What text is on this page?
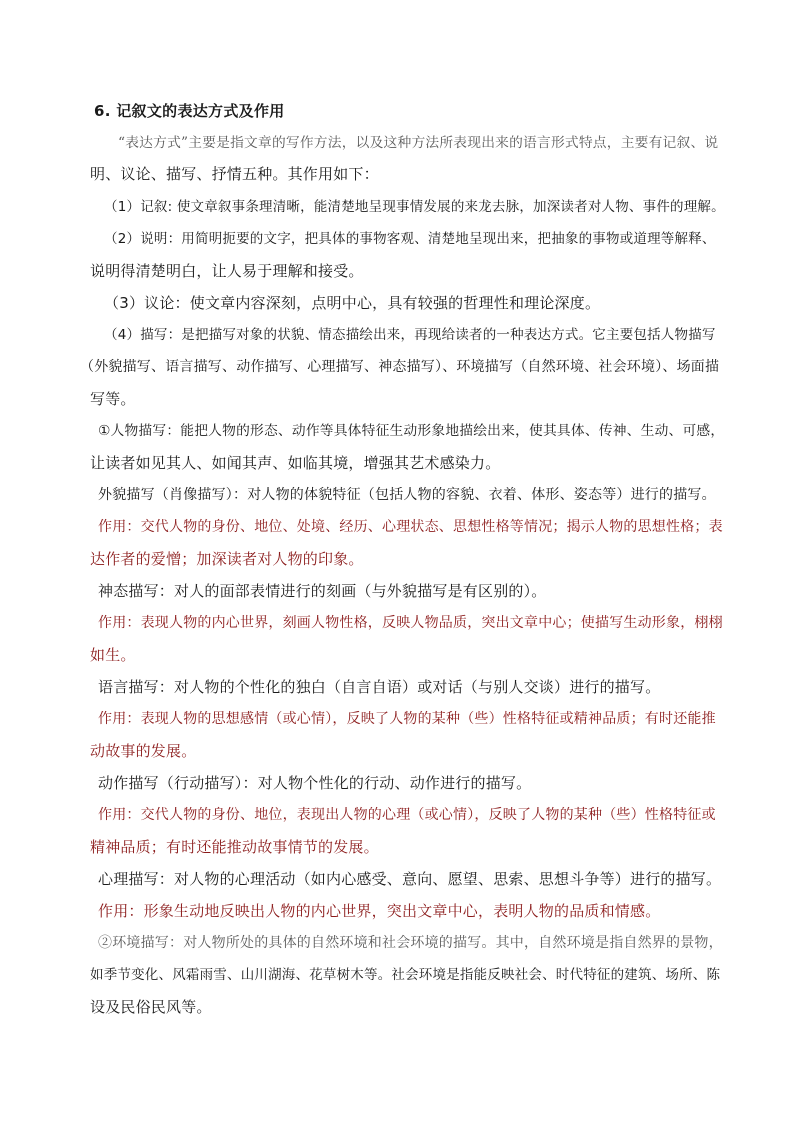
6. 记叙文的表达方式及作用
“表达方式”主要是指文章的写作方法，以及这种方法所表现出来的语言形式特点，主要有记叙、说
明、议论、描写、抒情五种。其作用如下：
（1）记叙: 使文章叙事条理清晰，能清楚地呈现事情发展的来龙去脉，加深读者对人物、事件的理解。
（2）说明：用简明扼要的文字，把具体的事物客观、清楚地呈现出来，把抽象的事物或道理等解释、
说明得清楚明白，让人易于理解和接受。
（3）议论：使文章内容深刻，点明中心，具有较强的哲理性和理论深度。
（4）描写：是把描写对象的状貌、情态描绘出来，再现给读者的一种表达方式。它主要包括人物描写
（外貌描写、语言描写、动作描写、心理描写、神态描写）、环境描写（自然环境、社会环境）、场面描
写等。
①人物描写：能把人物的形态、动作等具体特征生动形象地描绘出来，使其具体、传神、生动、可感，
让读者如见其人、如闻其声、如临其境，增强其艺术感染力。
外貌描写（肖像描写）：对人物的体貌特征（包括人物的容貌、衣着、体形、姿态等）进行的描写。
作用：交代人物的身份、地位、处境、经历、心理状态、思想性格等情况；揭示人物的思想性格；表
达作者的爱憎；加深读者对人物的印象。
神态描写：对人的面部表情进行的刻画（与外貌描写是有区别的）。
作用：表现人物的内心世界，刻画人物性格，反映人物品质，突出文章中心；使描写生动形象，栩栩
如生。
语言描写：对人物的个性化的独白（自言自语）或对话（与别人交谈）进行的描写。
作用：表现人物的思想感情（或心情），反映了人物的某种（些）性格特征或精神品质；有时还能推
动故事的发展。
动作描写（行动描写）：对人物个性化的行动、动作进行的描写。
作用：交代人物的身份、地位，表现出人物的心理（或心情），反映了人物的某种（些）性格特征或
精神品质；有时还能推动故事情节的发展。
心理描写：对人物的心理活动（如内心感受、意向、愿望、思索、思想斗争等）进行的描写。
作用：形象生动地反映出人物的内心世界，突出文章中心，表明人物的品质和情感。
②环境描写：对人物所处的具体的自然环境和社会环境的描写。其中，自然环境是指自然界的景物，
如季节变化、风霜雨雪、山川湖海、花草树木等。社会环境是指能反映社会、时代特征的建筑、场所、陈
设及民俗民风等。
